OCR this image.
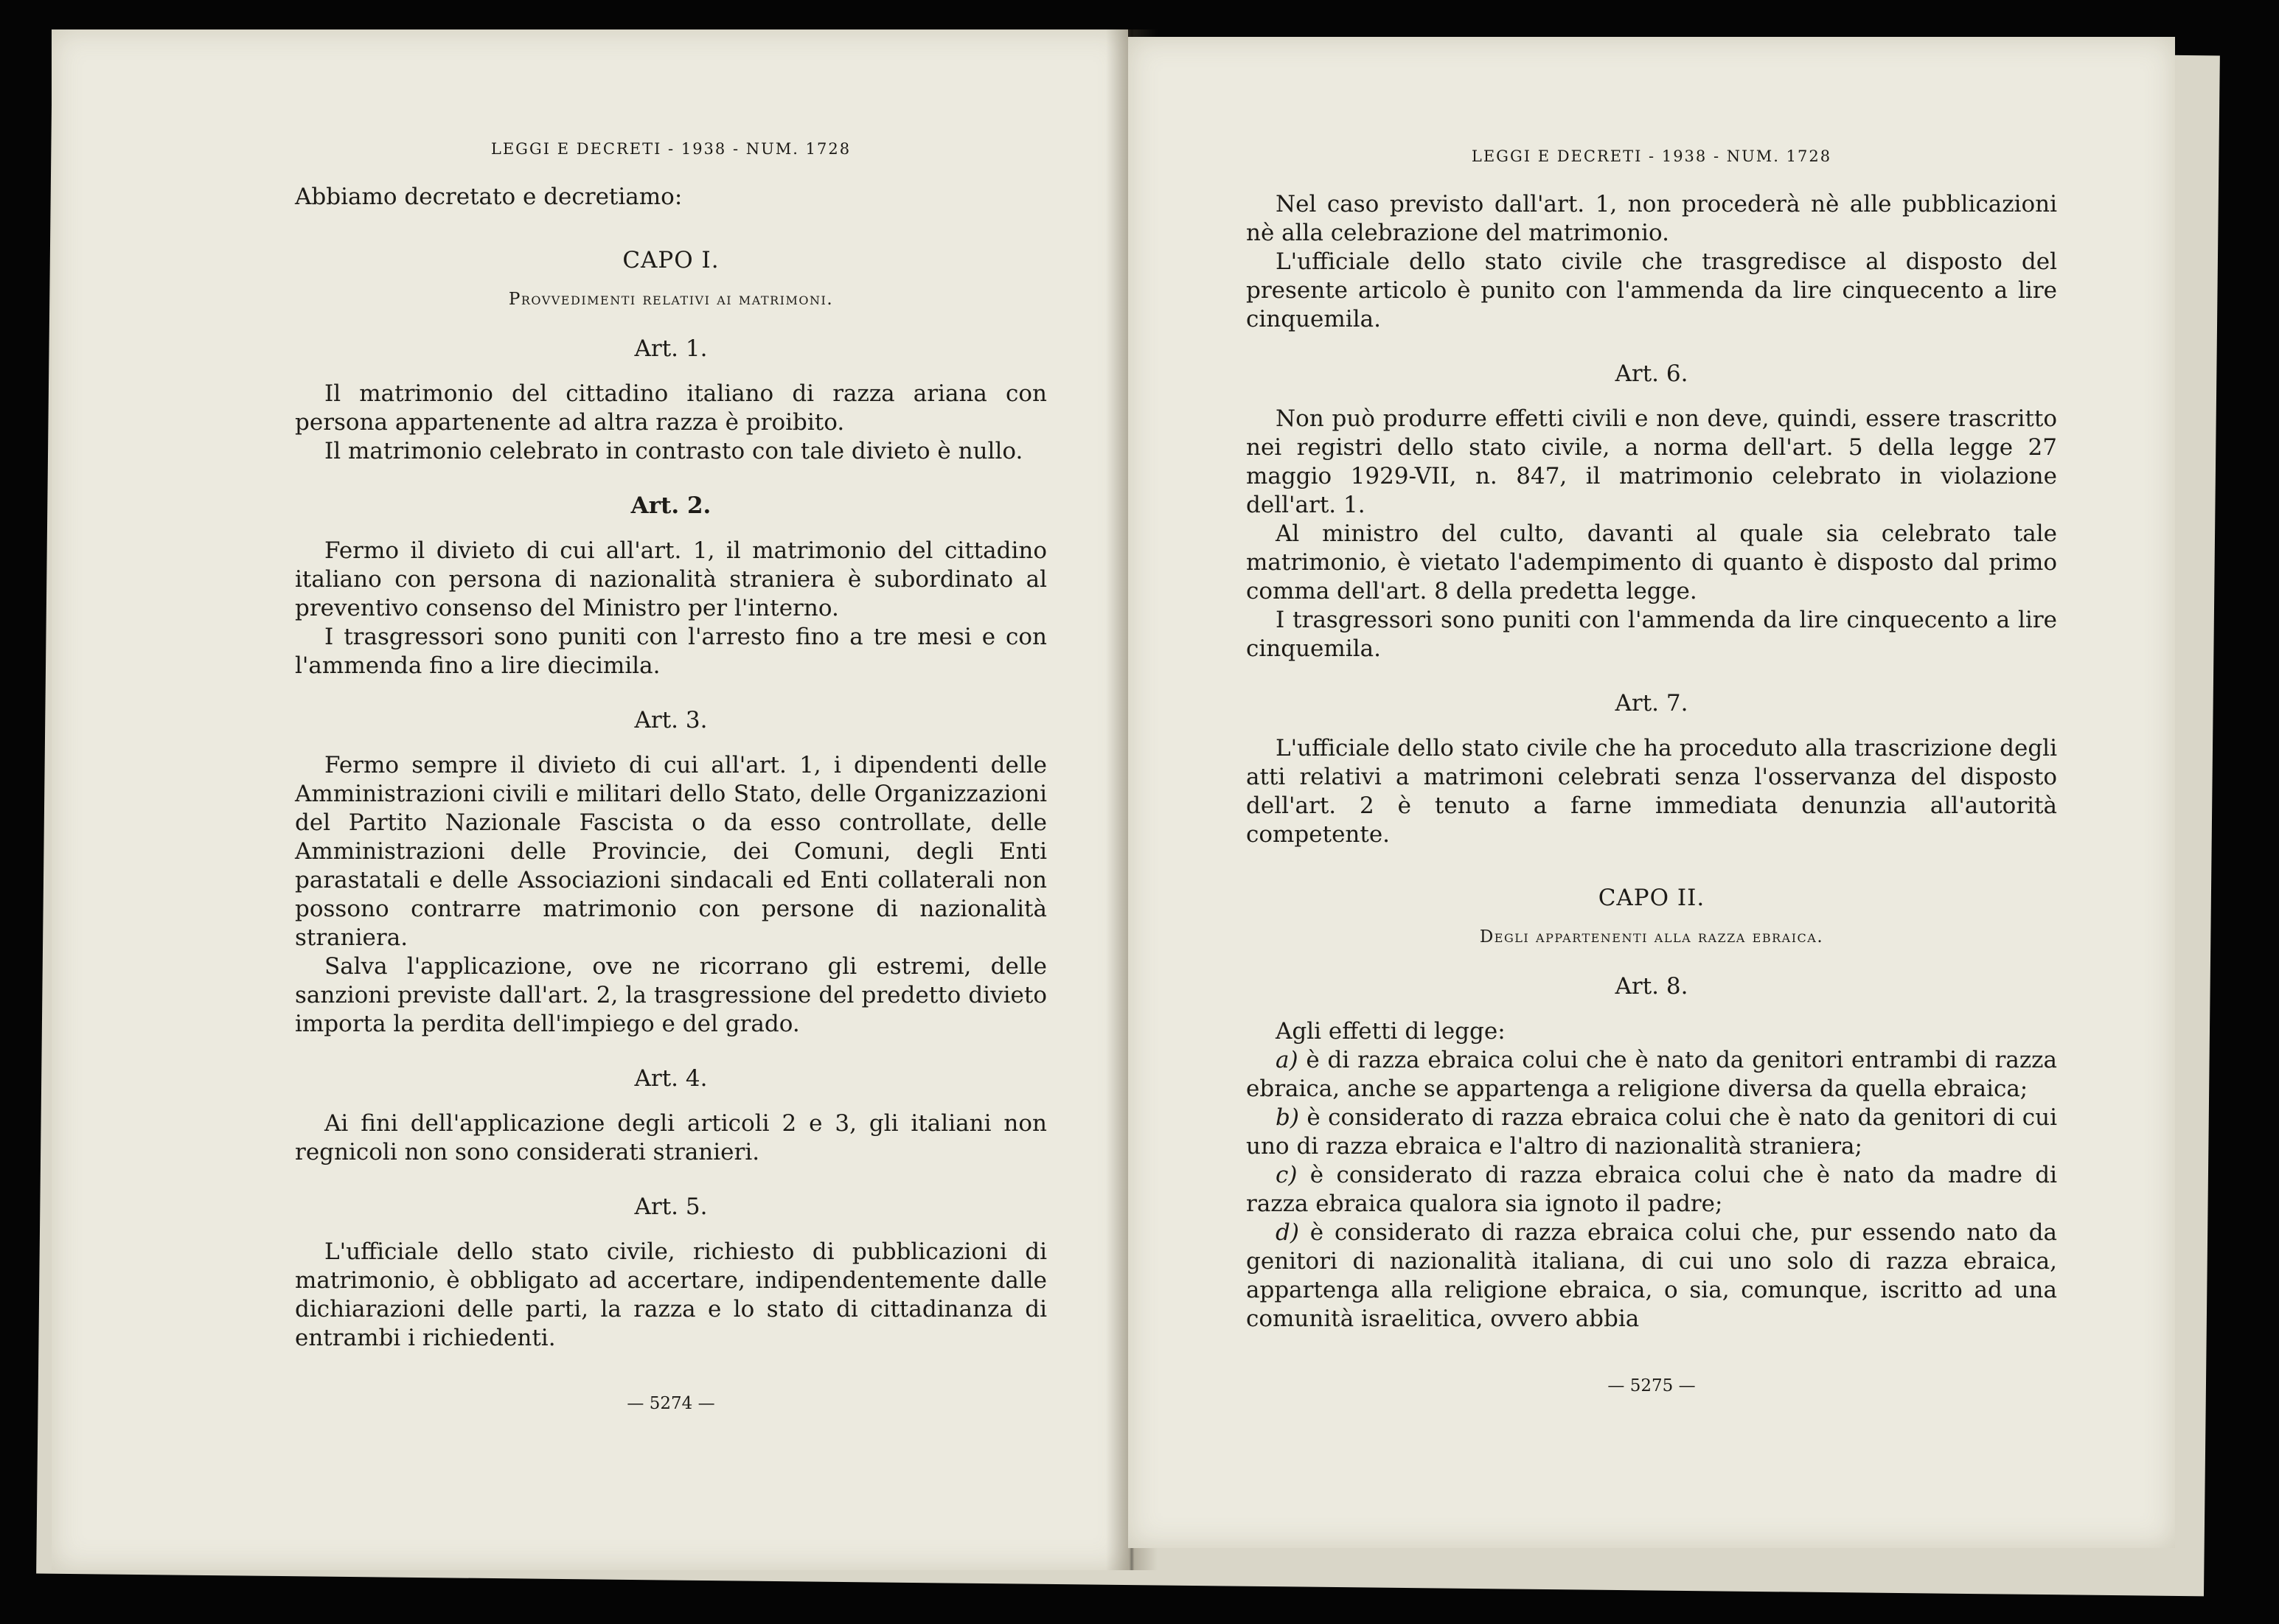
LEGGI E DECRETI - 1938 - NUM. 1728

Abbiamo decretato e decretiamo:

CAPO I.
Provvedimenti relativi ai matrimoni.
Art. 1.

Il matrimonio del cittadino italiano di razza ariana con persona appartenente ad altra razza è proibito.

Il matrimonio celebrato in contrasto con tale divieto è nullo.

Art. 2.

Fermo il divieto di cui all'art. 1, il matrimonio del cittadino italiano con persona di nazionalità straniera è subordinato al preventivo consenso del Ministro per l'interno.

I trasgressori sono puniti con l'arresto fino a tre mesi e con l'ammenda fino a lire diecimila.

Art. 3.

Fermo sempre il divieto di cui all'art. 1, i dipendenti delle Amministrazioni civili e militari dello Stato, delle Organizzazioni del Partito Nazionale Fascista o da esso controllate, delle Amministrazioni delle Provincie, dei Comuni, degli Enti parastatali e delle Associazioni sindacali ed Enti collaterali non possono contrarre matrimonio con persone di nazionalità straniera.

Salva l'applicazione, ove ne ricorrano gli estremi, delle sanzioni previste dall'art. 2, la trasgressione del predetto divieto importa la perdita dell'impiego e del grado.

Art. 4.

Ai fini dell'applicazione degli articoli 2 e 3, gli italiani non regnicoli non sono considerati stranieri.

Art. 5.

L'ufficiale dello stato civile, richiesto di pubblicazioni di matrimonio, è obbligato ad accertare, indipendentemente dalle dichiarazioni delle parti, la razza e lo stato di cittadinanza di entrambi i richiedenti.

— 5274 —
LEGGI E DECRETI - 1938 - NUM. 1728

Nel caso previsto dall'art. 1, non procederà nè alle pubblicazioni nè alla celebrazione del matrimonio.

L'ufficiale dello stato civile che trasgredisce al disposto del presente articolo è punito con l'ammenda da lire cinquecento a lire cinquemila.

Art. 6.

Non può produrre effetti civili e non deve, quindi, essere trascritto nei registri dello stato civile, a norma dell'art. 5 della legge 27 maggio 1929-VII, n. 847, il matrimonio celebrato in violazione dell'art. 1.

Al ministro del culto, davanti al quale sia celebrato tale matrimonio, è vietato l'adempimento di quanto è disposto dal primo comma dell'art. 8 della predetta legge.

I trasgressori sono puniti con l'ammenda da lire cinquecento a lire cinquemila.

Art. 7.

L'ufficiale dello stato civile che ha proceduto alla trascrizione degli atti relativi a matrimoni celebrati senza l'osservanza del disposto dell'art. 2 è tenuto a farne immediata denunzia all'autorità competente.

CAPO II.
Degli appartenenti alla razza ebraica.
Art. 8.

Agli effetti di legge:

a) è di razza ebraica colui che è nato da genitori entrambi di razza ebraica, anche se appartenga a religione diversa da quella ebraica;

b) è considerato di razza ebraica colui che è nato da genitori di cui uno di razza ebraica e l'altro di nazionalità straniera;

c) è considerato di razza ebraica colui che è nato da madre di razza ebraica qualora sia ignoto il padre;

d) è considerato di razza ebraica colui che, pur essendo nato da genitori di nazionalità italiana, di cui uno solo di razza ebraica, appartenga alla religione ebraica, o sia, comunque, iscritto ad una comunità israelitica, ovvero abbia

— 5275 —
